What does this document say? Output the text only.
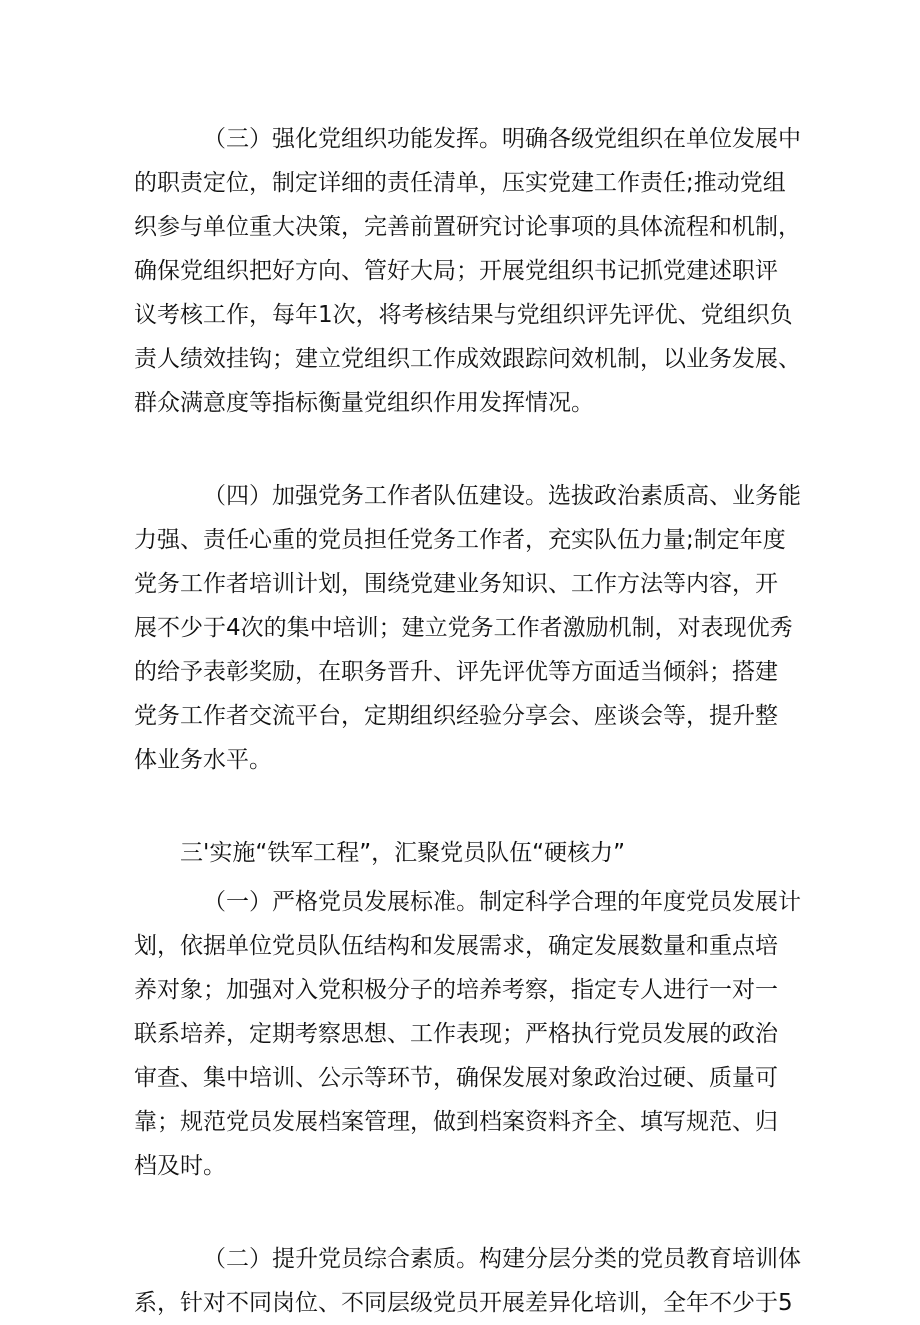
（三）强化党组织功能发挥。明确各级党组织在单位发展中
的职责定位，制定详细的责任清单，压实党建工作责任;推动党组
织参与单位重大决策，完善前置研究讨论事项的具体流程和机制，
确保党组织把好方向、管好大局；开展党组织书记抓党建述职评
议考核工作，每年1次，将考核结果与党组织评先评优、党组织负
责人绩效挂钩；建立党组织工作成效跟踪问效机制，以业务发展、
群众满意度等指标衡量党组织作用发挥情况。
（四）加强党务工作者队伍建设。选拔政治素质高、业务能
力强、责任心重的党员担任党务工作者，充实队伍力量;制定年度
党务工作者培训计划，围绕党建业务知识、工作方法等内容，开
展不少于4次的集中培训；建立党务工作者激励机制，对表现优秀
的给予表彰奖励，在职务晋升、评先评优等方面适当倾斜；搭建
党务工作者交流平台，定期组织经验分享会、座谈会等，提升整
体业务水平。
三'实施“铁军工程”，汇聚党员队伍“硬核力”
（一）严格党员发展标准。制定科学合理的年度党员发展计
划，依据单位党员队伍结构和发展需求，确定发展数量和重点培
养对象；加强对入党积极分子的培养考察，指定专人进行一对一
联系培养，定期考察思想、工作表现；严格执行党员发展的政治
审查、集中培训、公示等环节，确保发展对象政治过硬、质量可
靠；规范党员发展档案管理，做到档案资料齐全、填写规范、归
档及时。
（二）提升党员综合素质。构建分层分类的党员教育培训体
系，针对不同岗位、不同层级党员开展差异化培训，全年不少于5
